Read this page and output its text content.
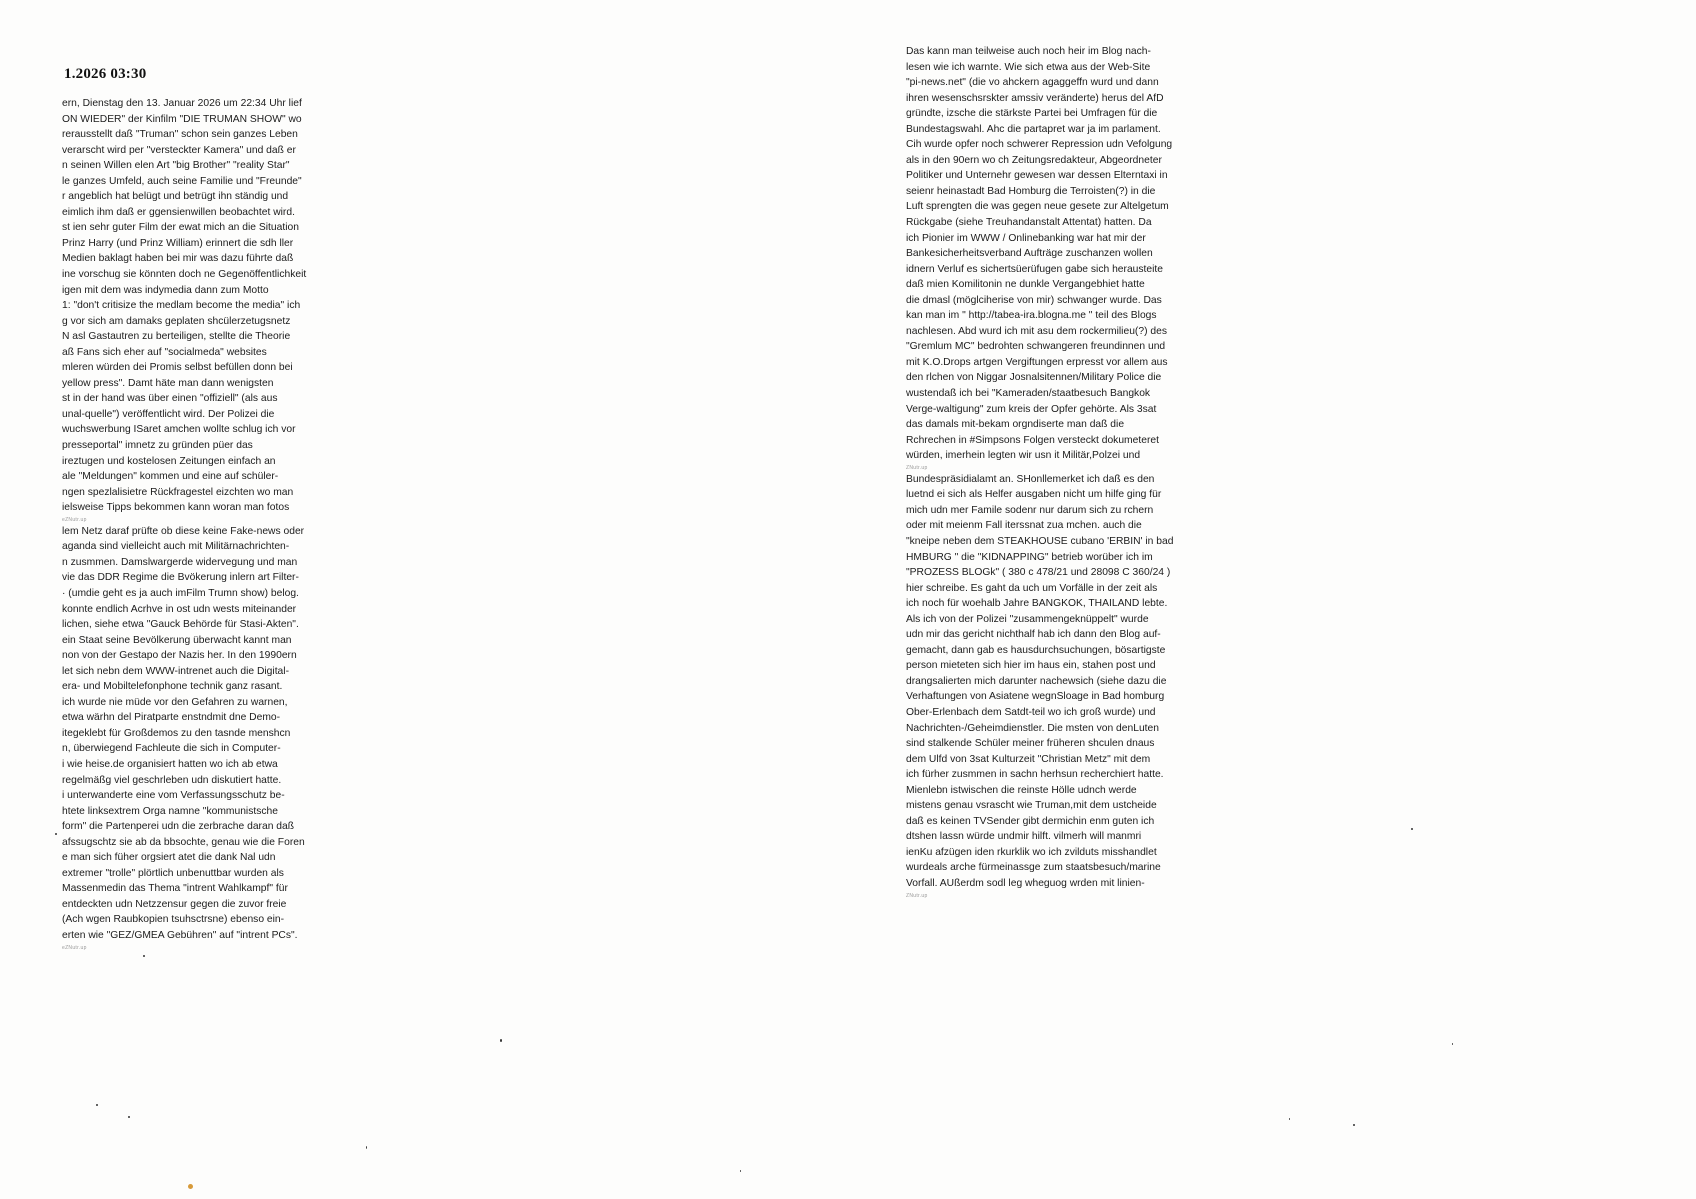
1.2026 03:30
ern, Dienstag den 13. Januar 2026 um 22:34 Uhr lief
ON WIEDER" der Kinfilm "DIE TRUMAN SHOW" wo
rerausstellt daß "Truman" schon sein ganzes Leben
verarscht wird per "versteckter Kamera" und daß er
n seinen Willen elen Art "big Brother" "reality Star"
le ganzes Umfeld, auch seine Familie und "Freunde"
r angeblich hat belügt und betrügt ihn ständig und
eimlich ihm daß er ggensienwillen beobachtet wird.
st ien sehr guter Film der ewat mich an die Situation
Prinz Harry (und Prinz William) erinnert die sdh ller
Medien baklagt haben bei mir was dazu führte daß
ine vorschug sie könnten doch ne Gegenöffentlichkeit
igen mit dem was indymedia dann zum Motto
1: "don't critisize the medlam become the media" ich
g vor sich am damaks geplaten shcülerzetugsnetz
N asl Gastautren zu berteiligen, stellte die Theorie
aß Fans sich eher auf "socialmeda" websites
mleren würden dei Promis selbst befüllen donn bei
yellow press". Damt häte man dann wenigsten
st in der hand was über einen "offiziell" (als aus
unal-quelle") veröffentlicht wird. Der Polizei die
wuchswerbung ISaret amchen wollte schlug ich vor
presseportal" imnetz zu gründen püer das
ireztugen und kostelosen Zeitungen einfach an
ale "Meldungen" kommen und eine auf schüler-
ngen spezlalisietre Rückfragestel eizchten wo man
ielsweise Tipps bekommen kann woran man fotos
eZNutr.up
lem Netz daraf prüfte ob diese keine Fake-news oder
aganda sind vielleicht auch mit Militärnachrichten-
n zusmmen. Damslwargerde widervegung und man
vie das DDR Regime die Bvökerung inlern art Filter-
· (umdie geht es ja auch imFilm Trumn show) belog.
konnte endlich Acrhve in ost udn wests miteinander
lichen, siehe etwa "Gauck Behörde für Stasi-Akten".
ein Staat seine Bevölkerung überwacht kannt man
non von der Gestapo der Nazis her. In den 1990ern
let sich nebn dem WWW-intrenet auch die Digital-
era- und Mobiltelefonphone technik ganz rasant.
ich wurde nie müde vor den Gefahren zu warnen,
etwa wärhn del Piratparte enstndmit dne Demo-
itegeklebt für Großdemos zu den tasnde menshcn
n, überwiegend Fachleute die sich in Computer-
i wie heise.de organisiert hatten wo ich ab etwa
regelmäßg viel geschrleben udn diskutiert hatte.
i unterwanderte eine vom Verfassungsschutz be-
htete linksextrem Orga namne "kommunistsche
form" die Partenperei udn die zerbrache daran daß
afssugschtz sie ab da bbsochte, genau wie die Foren
e man sich füher orgsiert atet die dank Nal udn
extremer "trolle" plörtlich unbenuttbar wurden als
Massenmedin das Thema "intrent Wahlkampf" für
entdeckten udn Netzzensur gegen die zuvor freie
(Ach wgen Raubkopien tsuhsctrsne) ebenso ein-
erten wie "GEZ/GMEA Gebühren" auf "intrent PCs".
eZNutr.up
Das kann man teilweise auch noch heir im Blog nach-
lesen wie ich warnte. Wie sich etwa aus der Web-Site
"pi-news.net" (die vo ahckern agaggeffn wurd und dann
ihren wesenschsrskter amssiv veränderte) herus del AfD
gründte, izsche die stärkste Partei bei Umfragen für die
Bundestagswahl. Ahc die partapret war ja im parlament.
Cih wurde opfer noch schwerer Repression udn Vefolgung
als in den 90ern wo ch Zeitungsredakteur, Abgeordneter
Politiker und Unternehr gewesen war dessen Elterntaxi in
seienr heinastadt Bad Homburg die Terroisten(?) in die
Luft sprengten die was gegen neue gesete zur Altelgetum
Rückgabe (siehe Treuhandanstalt Attentat) hatten. Da
ich Pionier im WWW / Onlinebanking war hat mir der
Bankesicherheitsverband Aufträge zuschanzen wollen
idnern Verluf es sichertsüerüfugen gabe sich herausteite
daß mien Komilitonin ne dunkle Vergangebhiet hatte
die dmasl (möglciherise von mir) schwanger wurde. Das
kan man im " http://tabea-ira.blogna.me " teil des Blogs
nachlesen. Abd wurd ich mit asu dem rockermilieu(?) des
"Gremlum MC" bedrohten schwangeren freundinnen und
mit K.O.Drops artgen Vergiftungen erpresst vor allem aus
den rlchen von Niggar Josnalsitennen/Military Police die
wustendaß ich bei "Kameraden/staatbesuch Bangkok
Verge-waltigung" zum kreis der Opfer gehörte. Als 3sat
das damals mit-bekam orgndiserte man daß die
Rchrechen in #Simpsons Folgen versteckt dokumeteret
würden, imerhein legten wir usn it Militär,Polzei und
ZNutr.up
Bundespräsidialamt an. SHonllemerket ich daß es den
luetnd ei sich als Helfer ausgaben nicht um hilfe ging für
mich udn mer Famile sodenr nur darum sich zu rchern
oder mit meienm Fall iterssnat zua mchen. auch die
"kneipe neben dem STEAKHOUSE cubano 'ERBIN' in bad
HMBURG " die "KIDNAPPING" betrieb worüber ich im
"PROZESS BLOGk" ( 380 c 478/21 und 28098 C 360/24 )
hier schreibe. Es gaht da uch um Vorfälle in der zeit als
ich noch für woehalb Jahre BANGKOK, THAILAND lebte.
Als ich von der Polizei "zusammengeknüppelt" wurde
udn mir das gericht nichthalf hab ich dann den Blog auf-
gemacht, dann gab es hausdurchsuchungen, bösartigste
person mieteten sich hier im haus ein, stahen post und
drangsalierten mich darunter nachewsich (siehe dazu die
Verhaftungen von Asiatene wegnSloage in Bad homburg
Ober-Erlenbach dem Satdt-teil wo ich groß wurde) und
Nachrichten-/Geheimdienstler. Die msten von denLuten
sind stalkende Schüler meiner früheren shculen dnaus
dem Ulfd von 3sat Kulturzeit "Christian Metz" mit dem
ich fürher zusmmen in sachn herhsun recherchiert hatte.
Mienlebn istwischen die reinste Hölle udnch werde
mistens genau vsrascht wie Truman,mit dem ustcheide
daß es keinen TVSender gibt dermichin enm guten ich
dtshen lassn würde undmir hilft. vilmerh will manmri
ienKu afzügen iden rkurklik wo ich zvilduts misshandlet
wurdeals arche fürmeinassge zum staatsbesuch/marine
Vorfall. AUßerdm sodl leg wheguog wrden mit linien-
ZNutr.up
